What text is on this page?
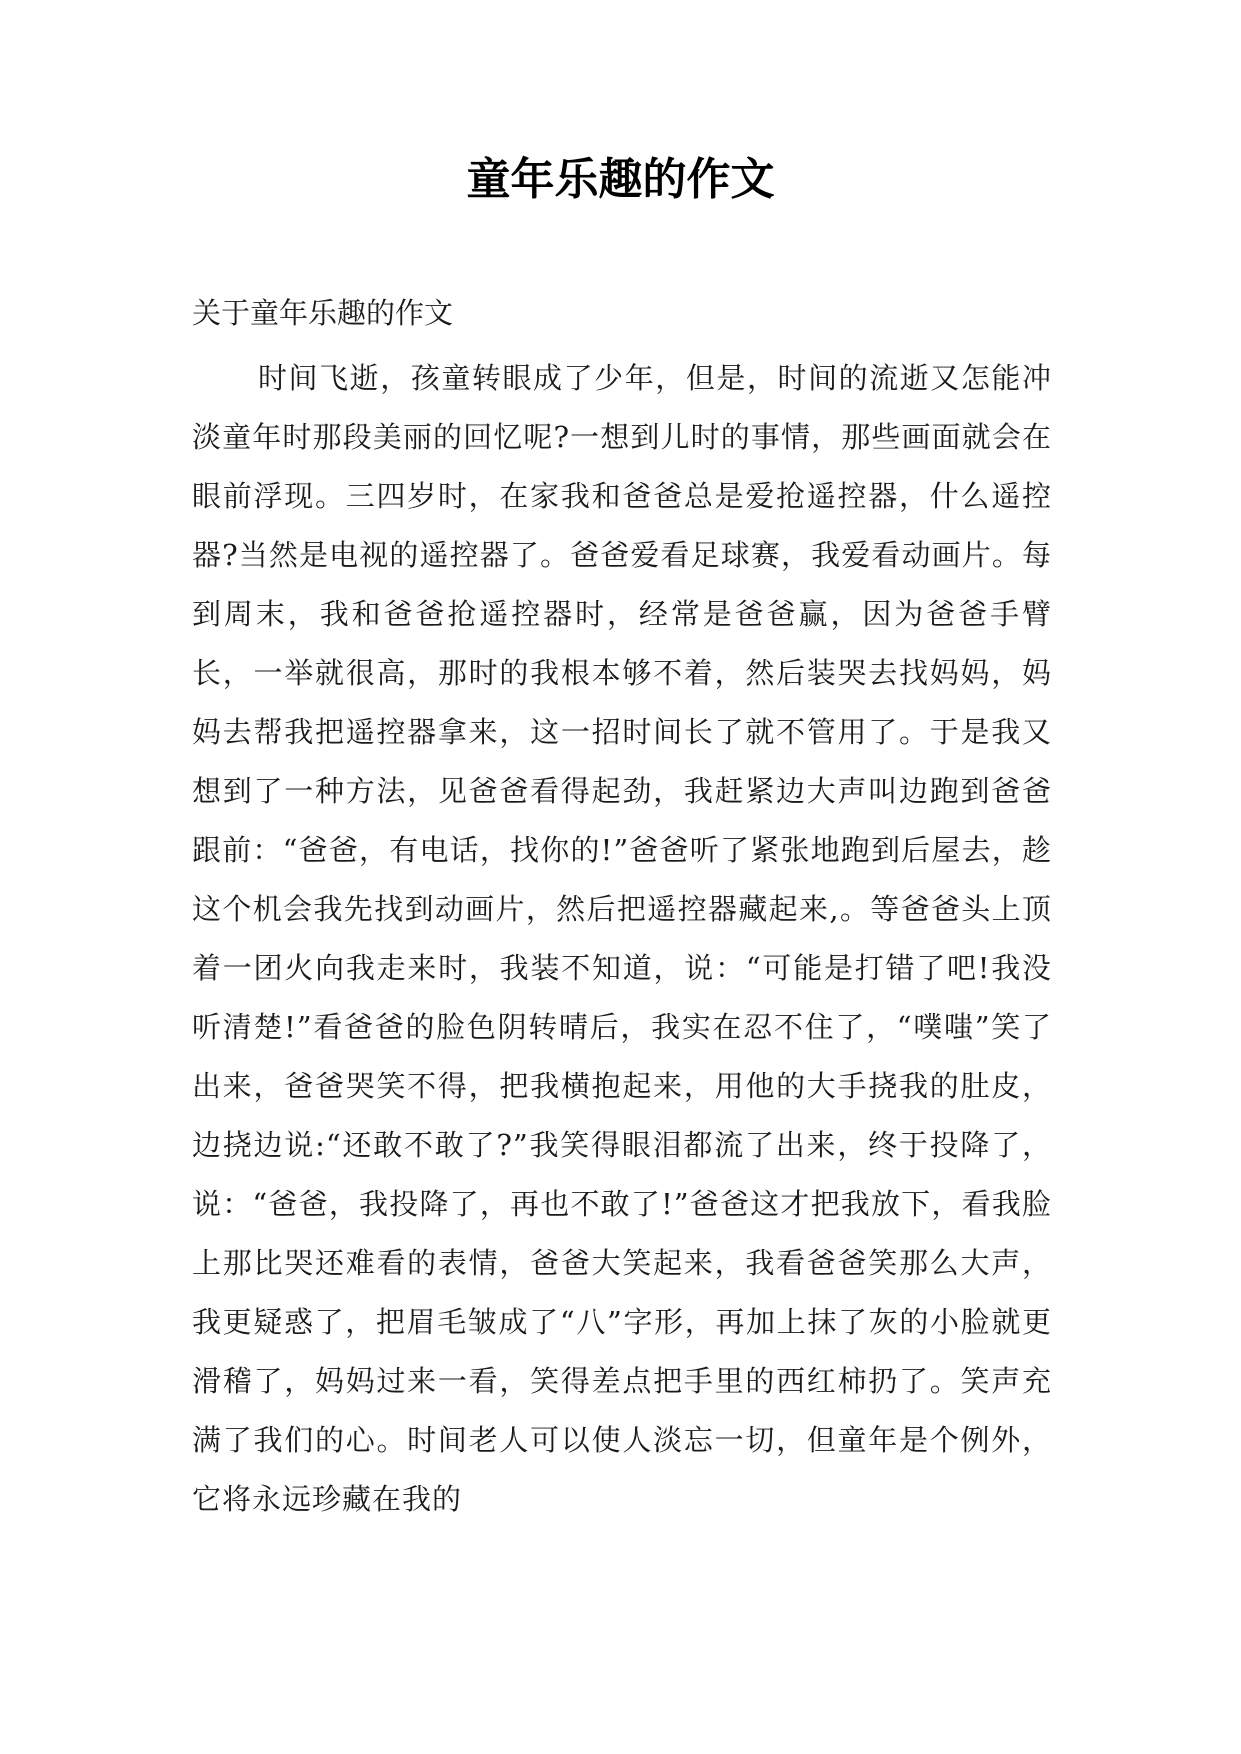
童年乐趣的作文

关于童年乐趣的作文

时间飞逝，孩童转眼成了少年，但是，时间的流逝又怎能冲淡童年时那段美丽的回忆呢?一想到儿时的事情，那些画面就会在眼前浮现。三四岁时，在家我和爸爸总是爱抢遥控器，什么遥控器?当然是电视的遥控器了。爸爸爱看足球赛，我爱看动画片。每到周末，我和爸爸抢遥控器时，经常是爸爸赢，因为爸爸手臂长，一举就很高，那时的我根本够不着，然后装哭去找妈妈，妈妈去帮我把遥控器拿来，这一招时间长了就不管用了。于是我又想到了一种方法，见爸爸看得起劲，我赶紧边大声叫边跑到爸爸跟前：“爸爸，有电话，找你的!”爸爸听了紧张地跑到后屋去，趁这个机会我先找到动画片，然后把遥控器藏起来,。等爸爸头上顶着一团火向我走来时，我装不知道，说：“可能是打错了吧!我没听清楚!”看爸爸的脸色阴转晴后，我实在忍不住了，“噗嗤”笑了出来，爸爸哭笑不得，把我横抱起来，用他的大手挠我的肚皮，边挠边说:“还敢不敢了?”我笑得眼泪都流了出来，终于投降了，说：“爸爸，我投降了，再也不敢了!”爸爸这才把我放下，看我脸上那比哭还难看的表情，爸爸大笑起来，我看爸爸笑那么大声，我更疑惑了，把眉毛皱成了“八”字形，再加上抹了灰的小脸就更滑稽了，妈妈过来一看，笑得差点把手里的西红柿扔了。笑声充满了我们的心。时间老人可以使人淡忘一切，但童年是个例外，它将永远珍藏在我的
